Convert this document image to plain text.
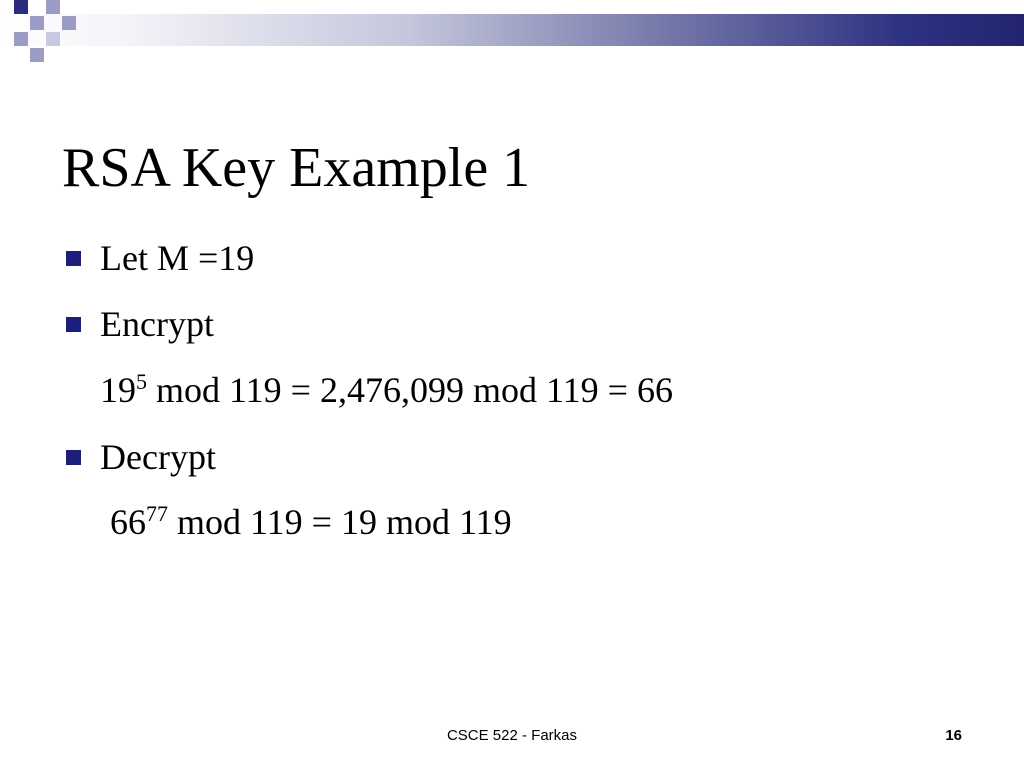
RSA Key Example 1
Let M =19
Encrypt
$19^5$ mod 119 = 2,476,099 mod 119 = 66
Decrypt
$66^{77}$ mod 119 = 19 mod 119
CSCE 522 - Farkas	16
